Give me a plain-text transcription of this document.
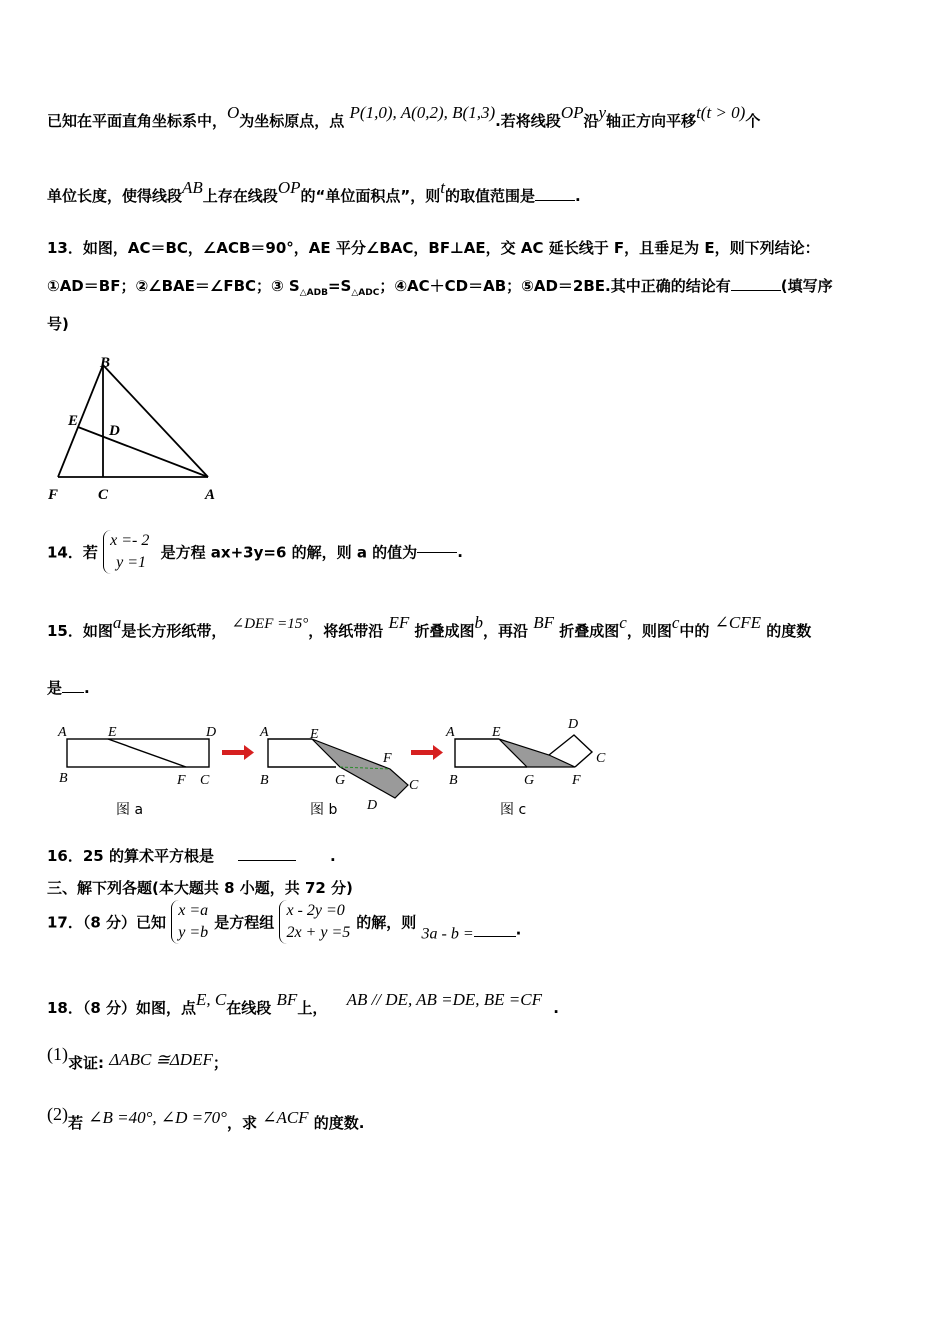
已知在平面直角坐标系中，O为坐标原点，点 P(1,0), A(0,2), B(1,3).若将线段OP沿y轴正方向平移t(t > 0)个
单位长度，使得线段AB上存在线段OP的“单位面积点”，则t的取值范围是	.
13．如图，AC＝BC，∠ACB＝90°，AE 平分∠BAC，BF⊥AE，交 AC 延长线于 F，且垂足为 E，则下列结论：
①AD＝BF；②∠BAE＝∠FBC；③ $S_{\triangle ADB}=S_{\triangle ADC}$；④AC＋CD＝AB；⑤AD＝2BE.其中正确的结论有	(填写序
号)
B
E
D
F	C	A
14．若 x =- 2
y =1 是方程 ax+3y=6 的解，则 a 的值为	.
15．如图a是长方形纸带， ∠DEF =15°，将纸带沿 EF 折叠成图b，再沿 BF 折叠成图c，则图c中的 ∠CFE 的度数
是 .
A	E	D
B	F C
图 a
A	E
F
B	G	C
D
图 b
A	E
D
C
B	G	F
图 c
16．25 的算术平方根是	.
三、解下列各题(本大题共 8 小题，共 72 分)
17．（8 分）已知 x =a
y =b是方程组 x - 2y =0
2x + y =5的解，则 3a - b =	.
18．（8 分）如图，点E, C在线段 BF上， AB // DE, AB =DE, BE =CF .
(1)求证: ΔABC ≅ΔDEF；
(2)若 ∠B =40°, ∠D =70°，求 ∠ACF 的度数.
